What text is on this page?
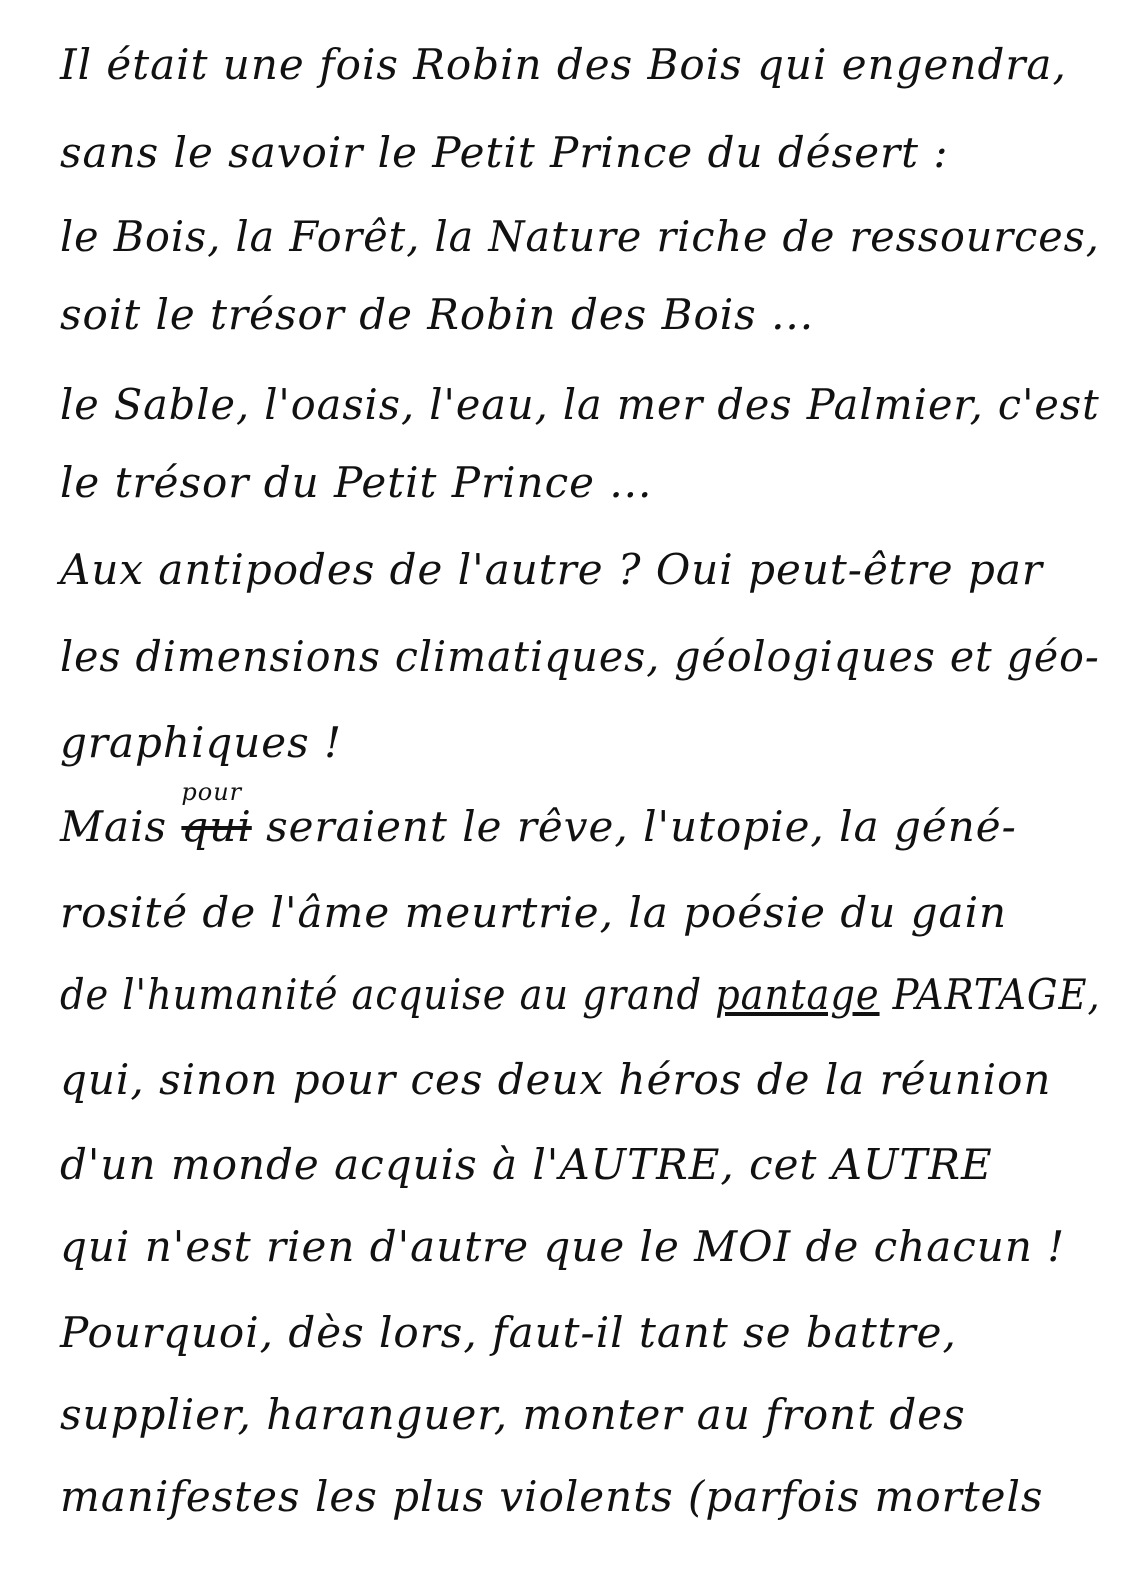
Il était une fois Robin des Bois qui engendra,
sans le savoir le Petit Prince du désert :
le Bois, la Forêt, la Nature riche de ressources,
soit le trésor de Robin des Bois ...
le Sable, l'oasis, l'eau, la mer des Palmier, c'est
le trésor du Petit Prince ...
Aux antipodes de l'autre ? Oui peut-être par
les dimensions climatiques, géologiques et géo-
graphiques !
Mais
pour
qui seraient le rêve, l'utopie, la géné-
rosité de l'âme meurtrie, la poésie du gain
de l'humanité acquise au grand pantage PARTAGE,
qui, sinon pour ces deux héros de la réunion
d'un monde acquis à l'AUTRE, cet AUTRE
qui n'est rien d'autre que le MOI de chacun !
Pourquoi, dès lors, faut-il tant se battre,
supplier, haranguer, monter au front des
manifestes les plus violents (parfois mortels
